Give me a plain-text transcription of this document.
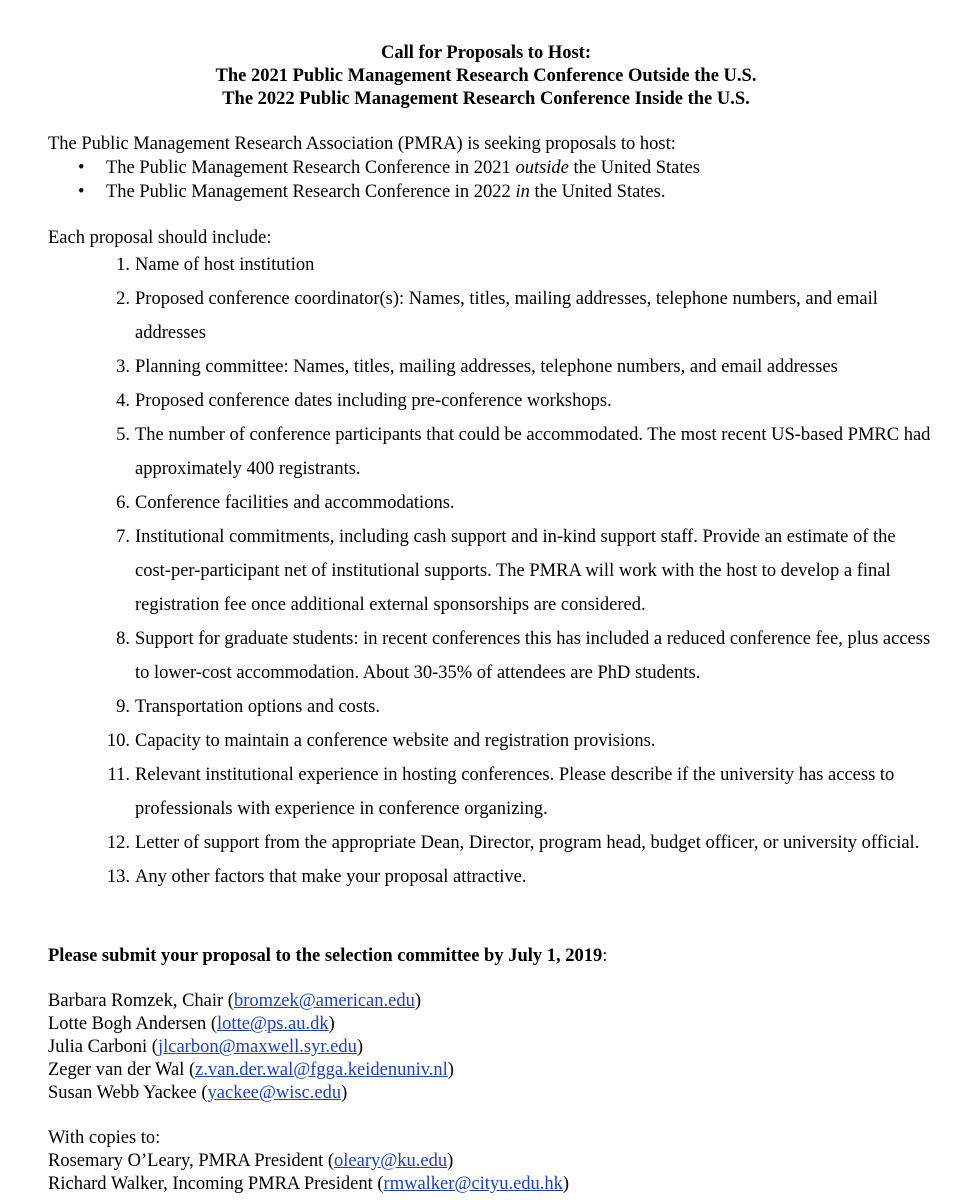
Call for Proposals to Host:
The 2021 Public Management Research Conference Outside the U.S.
The 2022 Public Management Research Conference Inside the U.S.
The Public Management Research Association (PMRA) is seeking proposals to host:
• The Public Management Research Conference in 2021 outside the United States
• The Public Management Research Conference in 2022 in the United States.
Each proposal should include:
1. Name of host institution
2. Proposed conference coordinator(s): Names, titles, mailing addresses, telephone numbers, and email addresses
3. Planning committee: Names, titles, mailing addresses, telephone numbers, and email addresses
4. Proposed conference dates including pre-conference workshops.
5. The number of conference participants that could be accommodated. The most recent US-based PMRC had approximately 400 registrants.
6. Conference facilities and accommodations.
7. Institutional commitments, including cash support and in-kind support staff. Provide an estimate of the cost-per-participant net of institutional supports. The PMRA will work with the host to develop a final registration fee once additional external sponsorships are considered.
8. Support for graduate students: in recent conferences this has included a reduced conference fee, plus access to lower-cost accommodation. About 30-35% of attendees are PhD students.
9. Transportation options and costs.
10. Capacity to maintain a conference website and registration provisions.
11. Relevant institutional experience in hosting conferences. Please describe if the university has access to professionals with experience in conference organizing.
12. Letter of support from the appropriate Dean, Director, program head, budget officer, or university official.
13. Any other factors that make your proposal attractive.
Please submit your proposal to the selection committee by July 1, 2019:
Barbara Romzek, Chair (bromzek@american.edu)
Lotte Bogh Andersen (lotte@ps.au.dk)
Julia Carboni (jlcarbon@maxwell.syr.edu)
Zeger van der Wal (z.van.der.wal@fgga.keidenuniv.nl)
Susan Webb Yackee (yackee@wisc.edu)
With copies to:
Rosemary O’Leary, PMRA President (oleary@ku.edu)
Richard Walker, Incoming PMRA President (rmwalker@cityu.edu.hk)
